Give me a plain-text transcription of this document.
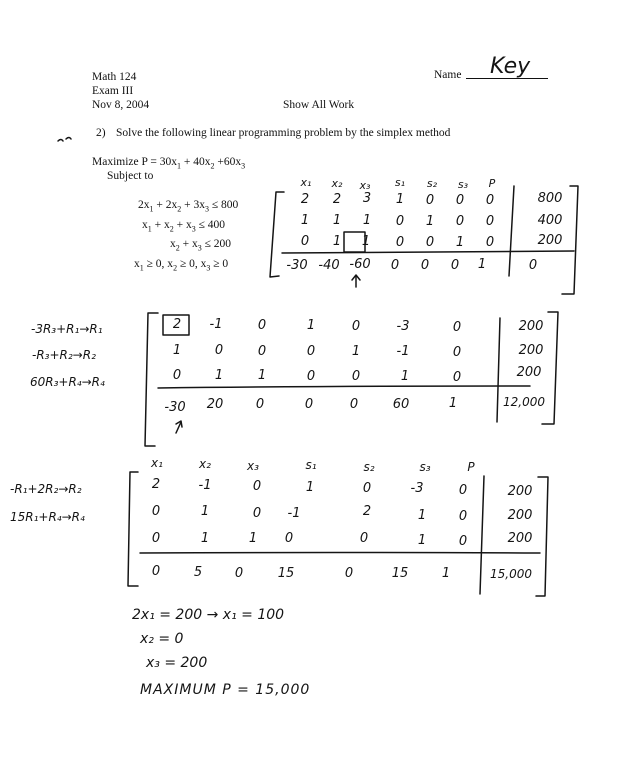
Math 124
Exam III
Nov 8, 2004	Show All Work
Name Key
2) Solve the following linear programming problem by the simplex method
Maximize $P = 30x_1 + 40x_2 +60x_3$
Subject to
$2x_1 + 2x_2 + 3x_3 \le 800$
$x_1 + x_2 + x_3 \le 400$
$x_2 + x_3 \le 200$
$x_1 \ge 0$, $x_2 \ge 0$, $x_3 \ge 0$
x₁	x₂	x₃	s₁	s₂	s₃	P
2	2	3	1	0	0	0	800
1	1	1	0	1	0	0	400
0	1	1	0	0	1	0	200
-30 -40 -60	0	0	0	1	0
-3R₃+R₁→R₁
-R₃+R₂→R₂
60R₃+R₄→R₄
2	-1	0	1	0	-3	0	200
1	0	0	0	1	-1	0	200
0	1	1	0	0	1	0	200
-30	20	0	0	0	60	1	12,000
-R₁+2R₂→R₂
15R₁+R₄→R₄
x₁	x₂	x₃	s₁	s₂	s₃	P
2	-1	0	1	0	-3	0	200
0	1	0	-1	2	1	0	200
0	1	1	0	0	1	0	200
0	5	0	15	0	15	1	15,000
2x₁ = 200 → x₁ = 100
x₂ = 0
x₃ = 200
MAXIMUM P = 15,000
